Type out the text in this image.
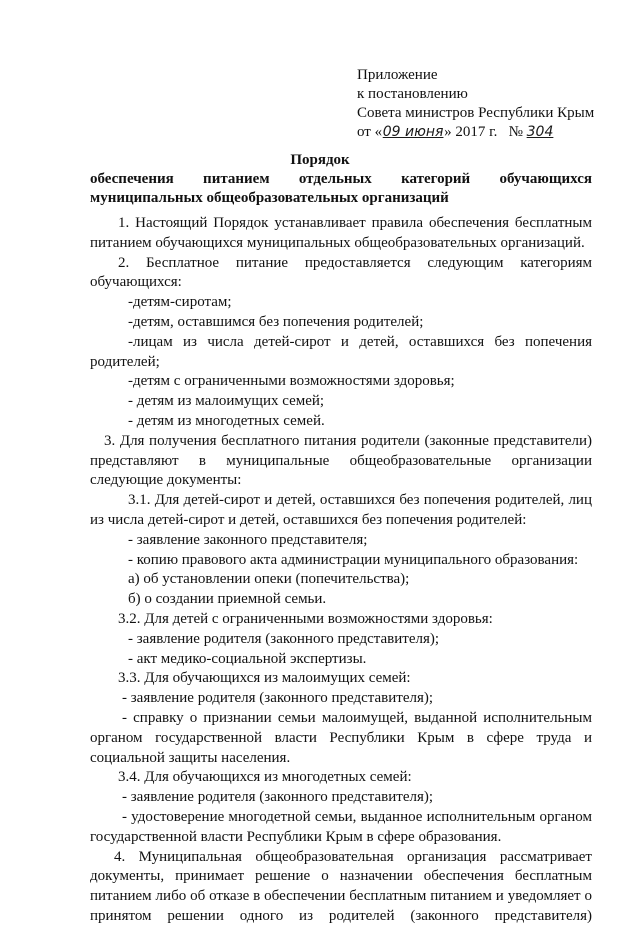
Приложение
к постановлению
Совета министров Республики Крым
от «09 июня» 2017 г. № 304
Порядок
обеспечения питанием отдельных категорий обучающихся
муниципальных общеобразовательных организаций
1. Настоящий Порядок устанавливает правила обеспечения бесплатным
питанием обучающихся муниципальных общеобразовательных организаций.
2. Бесплатное питание предоставляется следующим категориям
обучающихся:
-детям-сиротам;
-детям, оставшимся без попечения родителей;
-лицам из числа детей-сирот и детей, оставшихся без попечения
родителей;
-детям с ограниченными возможностями здоровья;
- детям из малоимущих семей;
- детям из многодетных семей.
3. Для получения бесплатного питания родители (законные представители)
представляют в муниципальные общеобразовательные организации
следующие документы:
3.1. Для детей-сирот и детей, оставшихся без попечения родителей, лиц
из числа детей-сирот и детей, оставшихся без попечения родителей:
- заявление законного представителя;
- копию правового акта администрации муниципального образования:
а) об установлении опеки (попечительства);
б) о создании приемной семьи.
3.2. Для детей с ограниченными возможностями здоровья:
- заявление родителя (законного представителя);
- акт медико-социальной экспертизы.
3.3. Для обучающихся из малоимущих семей:
- заявление родителя (законного представителя);
- справку о признании семьи малоимущей, выданной исполнительным
органом государственной власти Республики Крым в сфере труда и
социальной защиты населения.
3.4. Для обучающихся из многодетных семей:
- заявление родителя (законного представителя);
- удостоверение многодетной семьи, выданное исполнительным органом
государственной власти Республики Крым в сфере образования.
4. Муниципальная общеобразовательная организация рассматривает
документы, принимает решение о назначении обеспечения бесплатным
питанием либо об отказе в обеспечении бесплатным питанием и уведомляет о
принятом решении одного из родителей (законного представителя)
